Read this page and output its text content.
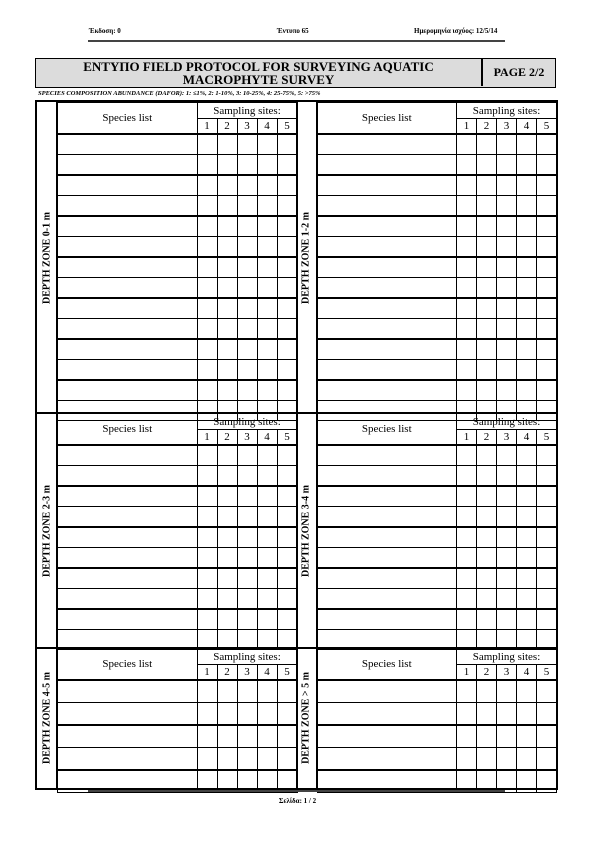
Έκδοση: 0	Έντυπο 65	Ημερομηνία ισχύος: 12/5/14
ENTYΠO FIELD PROTOCOL FOR SURVEYING AQUATIC
MACROPHYTE SURVEY	PAGE 2/2
SPECIES COMPOSITION ABUNDANCE (DAFOR): 1: ≤1%, 2: 1-10%, 3: 10-25%, 4: 25-75%, 5: >75%
DEPTH ZONE 0-1 m
Species list	Sampling sites:				
	1	2	3	4	5

DEPTH ZONE 1-2 m
Species list	Sampling sites:				
	1	2	3	4	5

DEPTH ZONE 2-3 m
Species list	Sampling sites:				
	1	2	3	4	5

DEPTH ZONE 3-4 m
Species list	Sampling sites:				
	1	2	3	4	5

DEPTH ZONE 4-5 m
Species list	Sampling sites:				
	1	2	3	4	5

DEPTH ZONE > 5 m
Species list	Sampling sites:				
	1	2	3	4	5

Σελίδα: 1 / 2
